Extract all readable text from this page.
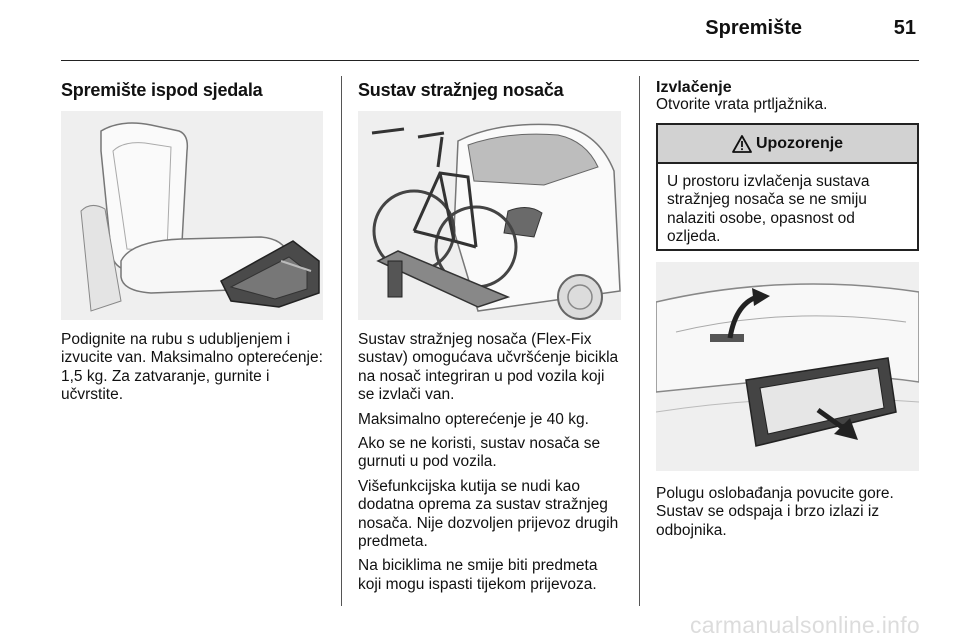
Spremište	51
Spremište ispod sjedala
Podignite na rubu s udubljenjem i izvucite van. Maksimalno opterećenje: 1,5 kg. Za zatvaranje, gurnite i učvrstite.
Sustav stražnjeg nosača
Sustav stražnjeg nosača (Flex-Fix sustav) omogućava učvršćenje bicikla na nosač integriran u pod vozila koji se izvlači van.
Maksimalno opterećenje je 40 kg.
Ako se ne koristi, sustav nosača se gurnuti u pod vozila.
Višefunkcijska kutija se nudi kao dodatna oprema za sustav stražnjeg nosača. Nije dozvoljen prijevoz drugih predmeta.
Na biciklima ne smije biti predmeta koji mogu ispasti tijekom prijevoza.
Izvlačenje
Otvorite vrata prtljažnika.
Upozorenje
U prostoru izvlačenja sustava stražnjeg nosača se ne smiju nalaziti osobe, opasnost od ozljeda.
Polugu oslobađanja povucite gore. Sustav se odspaja i brzo izlazi iz odbojnika.
carmanualsonline.info
